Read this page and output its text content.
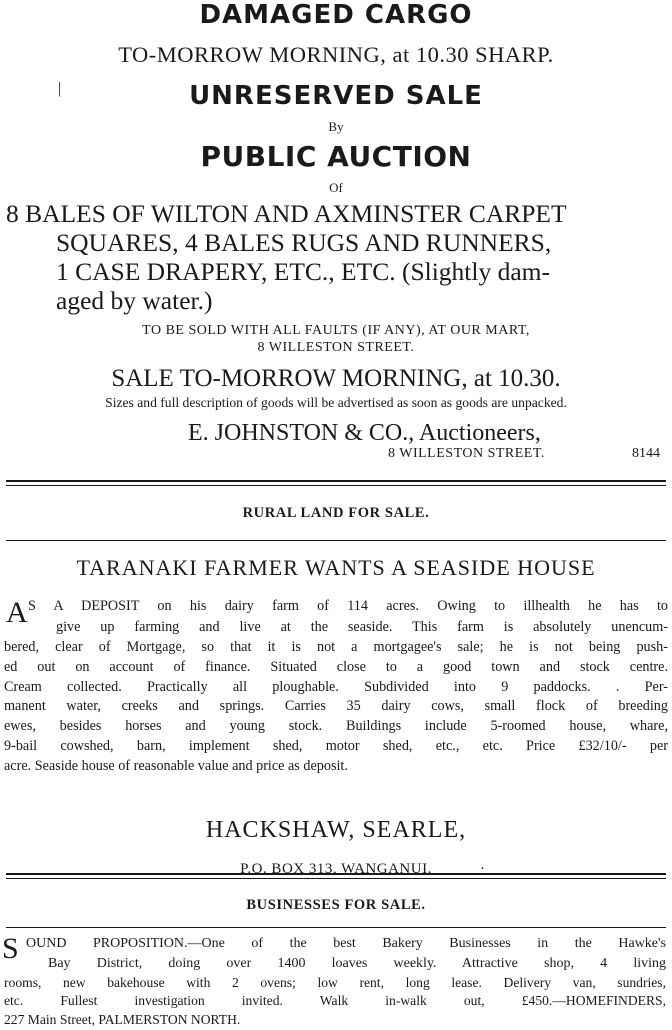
DAMAGED CARGO
TO-MORROW MORNING, at 10.30 SHARP.
|	UNRESERVED SALE
By
PUBLIC AUCTION
Of
8 BALES OF WILTON AND AXMINSTER CARPET
SQUARES, 4 BALES RUGS AND RUNNERS,
1 CASE DRAPERY, ETC., ETC. (Slightly dam-
aged by water.)
TO BE SOLD WITH ALL FAULTS (IF ANY), AT OUR MART,
8 WILLESTON STREET.
SALE TO-MORROW MORNING, at 10.30.
Sizes and full description of goods will be advertised as soon as goods are unpacked.
E. JOHNSTON & CO., Auctioneers,
8 WILLESTON STREET.	8144
RURAL LAND FOR SALE.
TARANAKI FARMER WANTS A SEASIDE HOUSE
A S A DEPOSIT on his dairy farm of 114 acres. Owing to illhealth he has to
give up farming and live at the seaside. This farm is absolutely unencum-
bered, clear of Mortgage, so that it is not a mortgagee's sale; he is not being push-
ed out on account of finance. Situated close to a good town and stock centre.
Cream collected. Practically all ploughable. Subdivided into 9 paddocks. . Per-
manent water, creeks and springs. Carries 35 dairy cows, small flock of breeding
ewes, besides horses and young stock. Buildings include 5-roomed house, whare,
9-bail cowshed, barn, implement shed, motor shed, etc., etc. Price £32/10/- per
acre. Seaside house of reasonable value and price as deposit.
HACKSHAW, SEARLE,
P.O. BOX 313, WANGANUI.	·
BUSINESSES FOR SALE.
S OUND PROPOSITION.—One of the best Bakery Businesses in the Hawke's
Bay District, doing over 1400 loaves weekly. Attractive shop, 4 living
rooms, new bakehouse with 2 ovens; low rent, long lease. Delivery van, sundries,
etc. Fullest investigation invited. Walk in-walk out, £450.—HOMEFINDERS,
227 Main Street, PALMERSTON NORTH.
